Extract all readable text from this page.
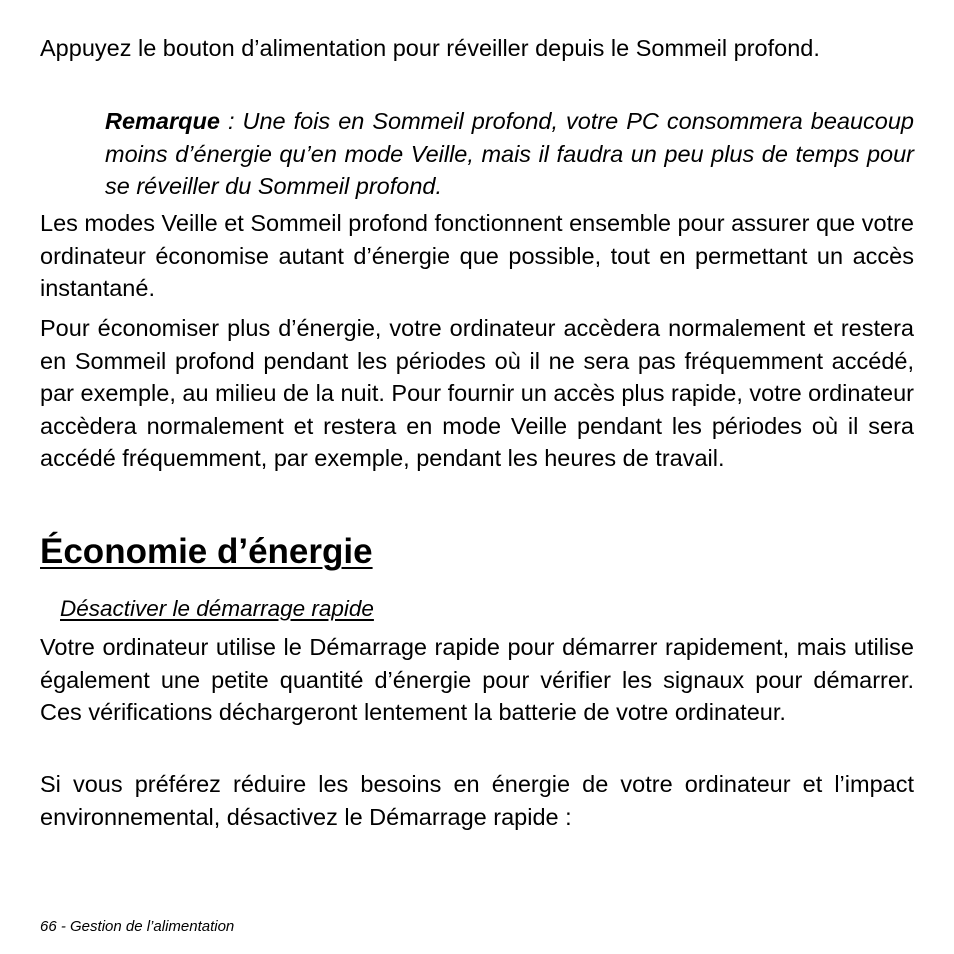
Appuyez le bouton d’alimentation pour réveiller depuis le Sommeil profond.

Remarque : Une fois en Sommeil profond, votre PC consommera beaucoup moins d’énergie qu’en mode Veille, mais il faudra un peu plus de temps pour se réveiller du Sommeil profond.

Les modes Veille et Sommeil profond fonctionnent ensemble pour assurer que votre ordinateur économise autant d’énergie que possible, tout en permettant un accès instantané.

Pour économiser plus d’énergie, votre ordinateur accèdera normalement et restera en Sommeil profond pendant les périodes où il ne sera pas fréquemment accédé, par exemple, au milieu de la nuit. Pour fournir un accès plus rapide, votre ordinateur accèdera normalement et restera en mode Veille pendant les périodes où il sera accédé fréquemment, par exemple, pendant les heures de travail.

Économie d’énergie
Désactiver le démarrage rapide

Votre ordinateur utilise le Démarrage rapide pour démarrer rapidement, mais utilise également une petite quantité d’énergie pour vérifier les signaux pour démarrer. Ces vérifications déchargeront lentement la batterie de votre ordinateur.

Si vous préférez réduire les besoins en énergie de votre ordinateur et l’impact environnemental, désactivez le Démarrage rapide :

66 - Gestion de l’alimentation
